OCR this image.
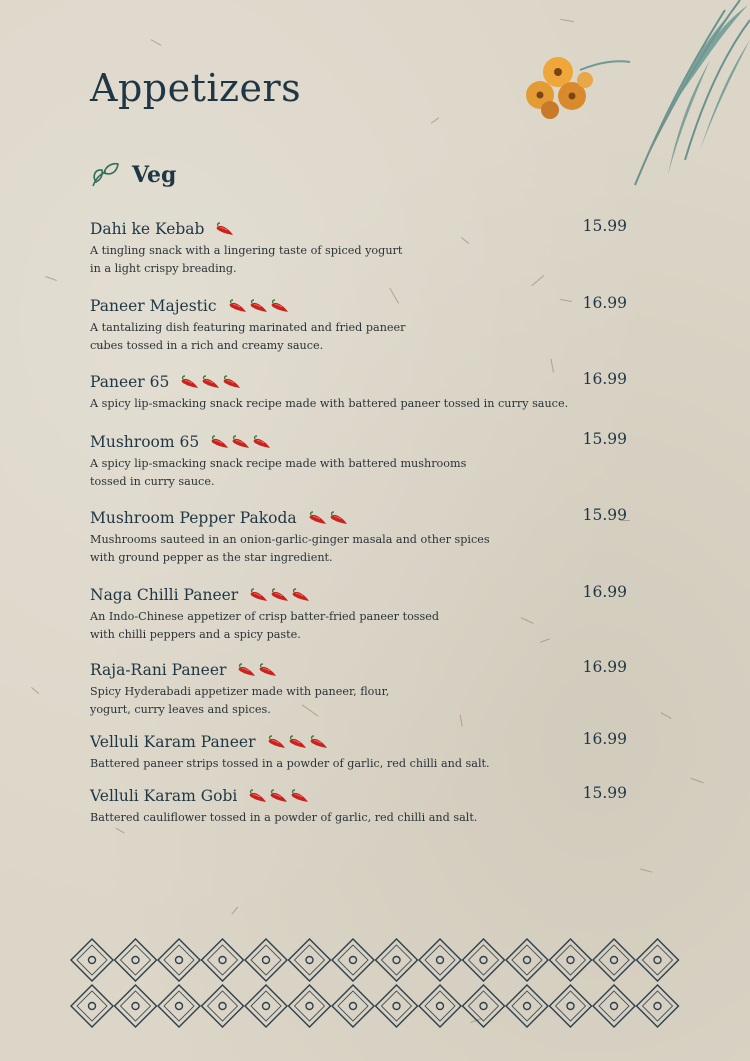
Appetizers
Veg
Dahi ke Kebab	15.99

A tingling snack with a lingering taste of spiced yogurt
in a light crispy breading.

Paneer Majestic	16.99

A tantalizing dish featuring marinated and fried paneer
cubes tossed in a rich and creamy sauce.

Paneer 65	16.99

A spicy lip-smacking snack recipe made with battered paneer tossed in curry sauce.

Mushroom 65	15.99

A spicy lip-smacking snack recipe made with battered mushrooms
tossed in curry sauce.

Mushroom Pepper Pakoda	15.99

Mushrooms sauteed in an onion-garlic-ginger masala and other spices
with ground pepper as the star ingredient.

Naga Chilli Paneer	16.99

An Indo-Chinese appetizer of crisp batter-fried paneer tossed
with chilli peppers and a spicy paste.

Raja-Rani Paneer	16.99

Spicy Hyderabadi appetizer made with paneer, flour,
yogurt, curry leaves and spices.

Velluli Karam Paneer	16.99

Battered paneer strips tossed in a powder of garlic, red chilli and salt.

Velluli Karam Gobi	15.99

Battered cauliflower tossed in a powder of garlic, red chilli and salt.
